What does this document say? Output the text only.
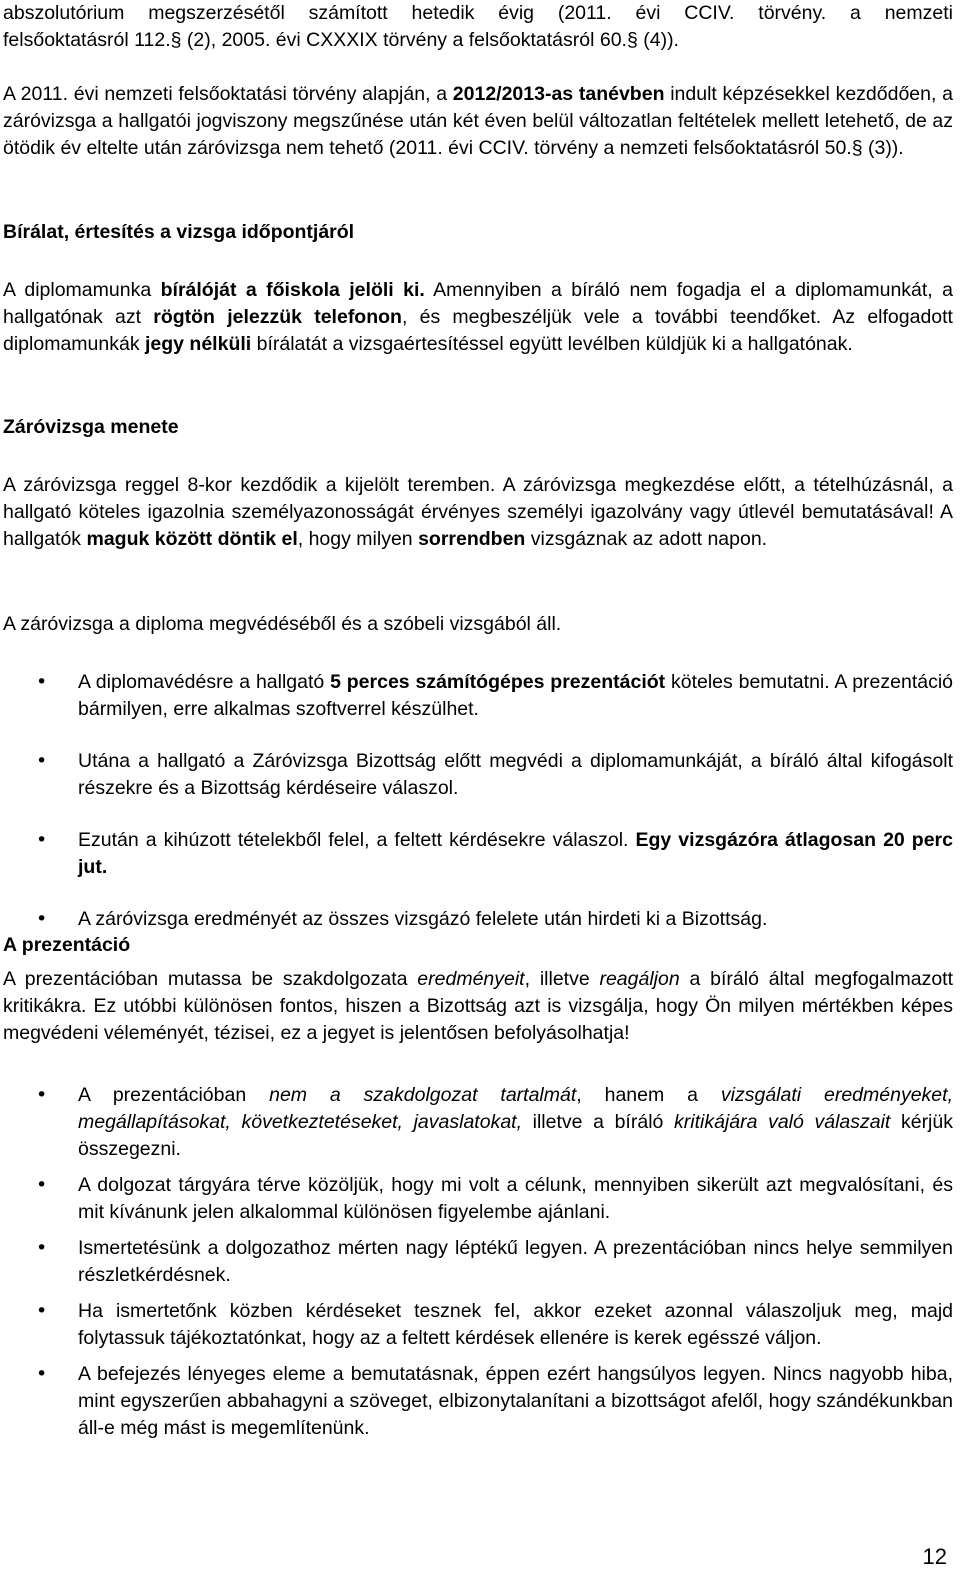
abszolutórium megszerzésétől számított hetedik évig (2011. évi CCIV. törvény. a nemzeti

felsőoktatásról 112.§ (2), 2005. évi CXXXIX törvény a felsőoktatásról 60.§ (4)).

A 2011. évi nemzeti felsőoktatási törvény alapján, a 2012/2013-as tanévben indult képzésekkel kezdődően, a záróvizsga a hallgatói jogviszony megszűnése után két éven belül változatlan feltételek mellett letehető, de az ötödik év eltelte után záróvizsga nem tehető (2011. évi CCIV. törvény a nemzeti felsőoktatásról 50.§ (3)).

Bírálat, értesítés a vizsga időpontjáról

A diplomamunka bírálóját a főiskola jelöli ki. Amennyiben a bíráló nem fogadja el a diplomamunkát, a hallgatónak azt rögtön jelezzük telefonon, és megbeszéljük vele a további teendőket. Az elfogadott diplomamunkák jegy nélküli bírálatát a vizsgaértesítéssel együtt levélben küldjük ki a hallgatónak.

Záróvizsga menete

A záróvizsga reggel 8-kor kezdődik a kijelölt teremben. A záróvizsga megkezdése előtt, a tételhúzásnál, a hallgató köteles igazolnia személyazonosságát érvényes személyi igazolvány vagy útlevél bemutatásával! A hallgatók maguk között döntik el, hogy milyen sorrendben vizsgáznak az adott napon.

A záróvizsga a diploma megvédéséből és a szóbeli vizsgából áll.

• A diplomavédésre a hallgató 5 perces számítógépes prezentációt köteles bemutatni. A prezentáció bármilyen, erre alkalmas szoftverrel készülhet.
• Utána a hallgató a Záróvizsga Bizottság előtt megvédi a diplomamunkáját, a bíráló által kifogásolt részekre és a Bizottság kérdéseire válaszol.
• Ezután a kihúzott tételekből felel, a feltett kérdésekre válaszol. Egy vizsgázóra átlagosan 20 perc jut.
• A záróvizsga eredményét az összes vizsgázó felelete után hirdeti ki a Bizottság.

A prezentáció

A prezentációban mutassa be szakdolgozata eredményeit, illetve reagáljon a bíráló által megfogalmazott kritikákra. Ez utóbbi különösen fontos, hiszen a Bizottság azt is vizsgálja, hogy Ön milyen mértékben képes megvédeni véleményét, tézisei, ez a jegyet is jelentősen befolyásolhatja!

• A prezentációban nem a szakdolgozat tartalmát, hanem a vizsgálati eredményeket, megállapításokat, következtetéseket, javaslatokat, illetve a bíráló kritikájára való válaszait kérjük összegezni.
• A dolgozat tárgyára térve közöljük, hogy mi volt a célunk, mennyiben sikerült azt megvalósítani, és mit kívánunk jelen alkalommal különösen figyelembe ajánlani.
• Ismertetésünk a dolgozathoz mérten nagy léptékű legyen. A prezentációban nincs helye semmilyen részletkérdésnek.
• Ha ismertetőnk közben kérdéseket tesznek fel, akkor ezeket azonnal válaszoljuk meg, majd folytassuk tájékoztatónkat, hogy az a feltett kérdések ellenére is kerek egésszé váljon.
• A befejezés lényeges eleme a bemutatásnak, éppen ezért hangsúlyos legyen. Nincs nagyobb hiba, mint egyszerűen abbahagyni a szöveget, elbizonytalanítani a bizottságot afelől, hogy szándékunkban áll-e még mást is megemlítenünk.
12
